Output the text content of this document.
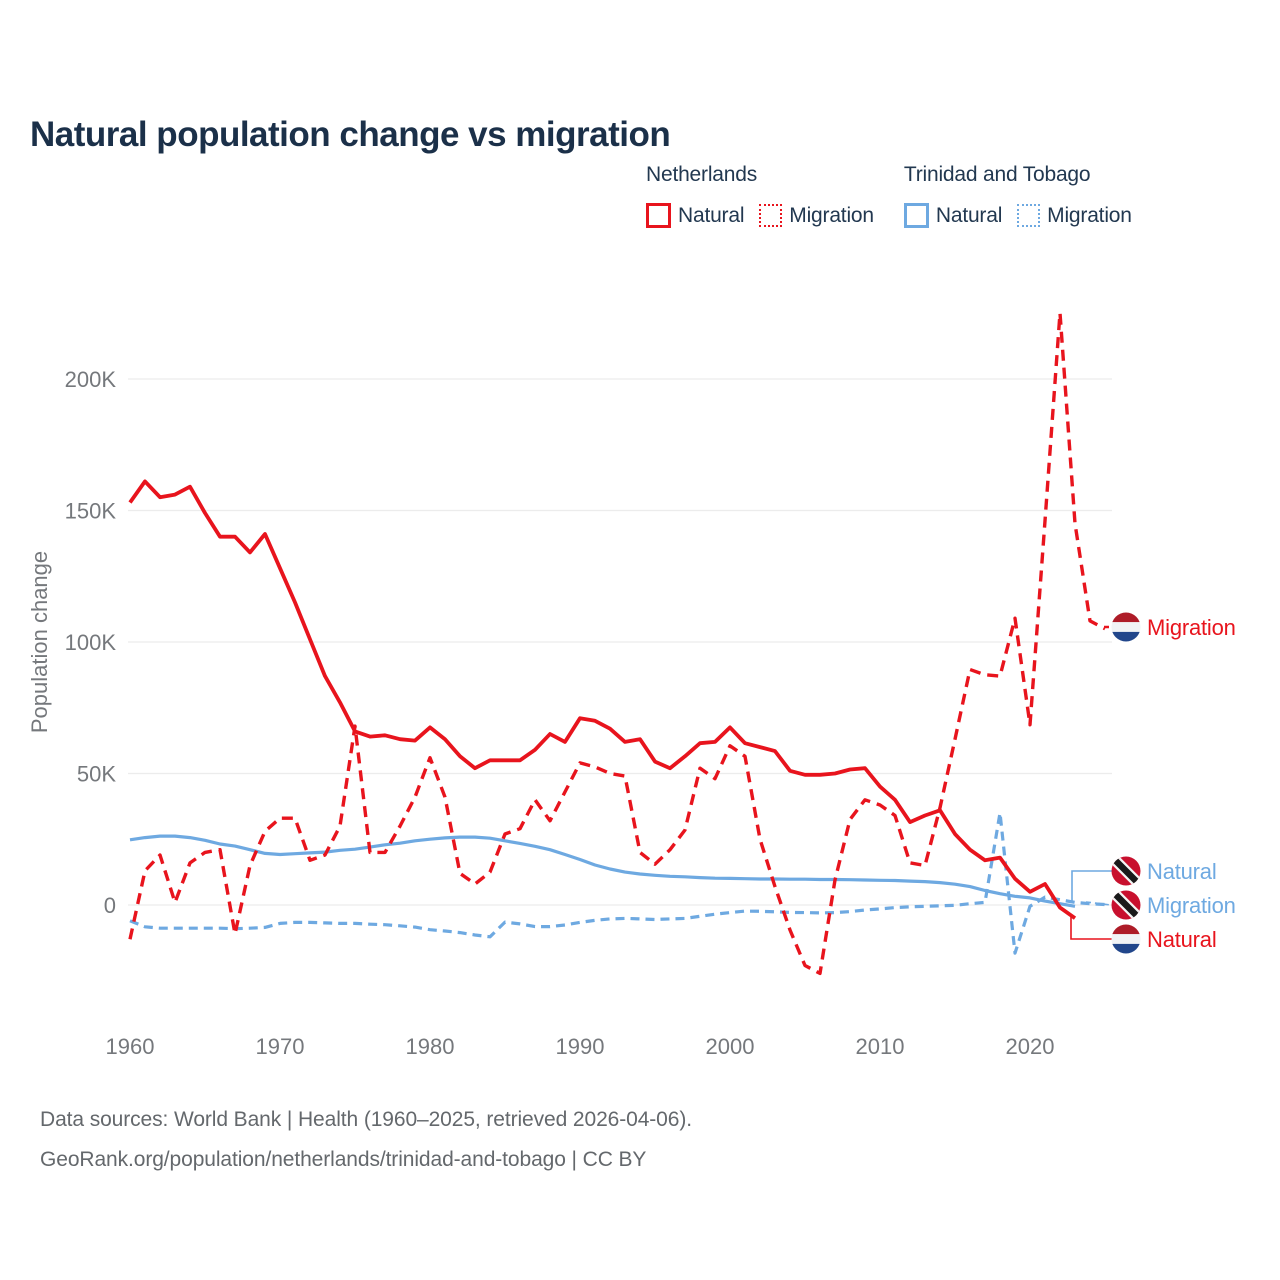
Natural population change vs migration
Netherlands
Natural Migration
Trinidad and Tobago
Natural Migration
200K
150K
100K
50K
0
1960	1970	1980	1990	2000	2010	2020
Population change	Migration
Natural
Migration
Natural
Data sources: World Bank | Health (1960–2025, retrieved 2026-04-06).
GeoRank.org/population/netherlands/trinidad-and-tobago | CC BY
